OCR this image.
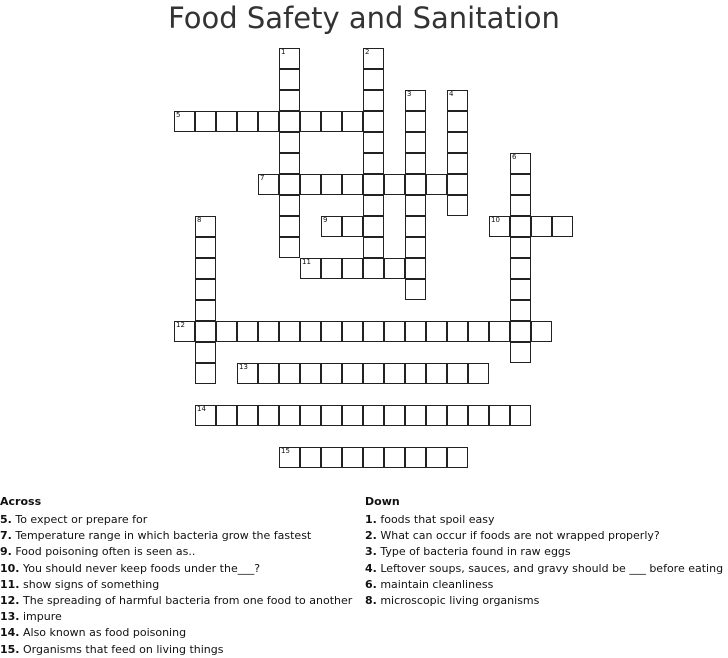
Food Safety and Sanitation
1	2
3	4
5
6
7
8	9	10
11
12
13
14
15
Across
5. To expect or prepare for
7. Temperature range in which bacteria grow the fastest
9. Food poisoning often is seen as..
10. You should never keep foods under the___?
11. show signs of something
12. The spreading of harmful bacteria from one food to another
13. impure
14. Also known as food poisoning
15. Organisms that feed on living things
Down
1. foods that spoil easy
2. What can occur if foods are not wrapped properly?
3. Type of bacteria found in raw eggs
4. Leftover soups, sauces, and gravy should be ___ before eating
6. maintain cleanliness
8. microscopic living organisms
